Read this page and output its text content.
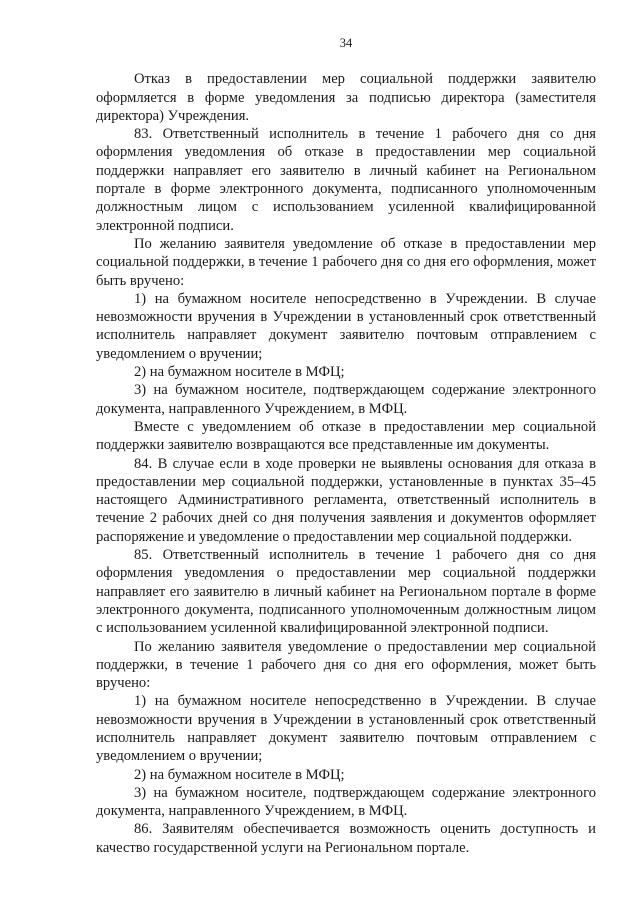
34

Отказ в предоставлении мер социальной поддержки заявителю оформляется в форме уведомления за подписью директора (заместителя директора) Учреждения.

83. Ответственный исполнитель в течение 1 рабочего дня со дня оформления уведомления об отказе в предоставлении мер социальной поддержки направляет его заявителю в личный кабинет на Региональном портале в форме электронного документа, подписанного уполномоченным должностным лицом с использованием усиленной квалифицированной электронной подписи.

По желанию заявителя уведомление об отказе в предоставлении мер социальной поддержки, в течение 1 рабочего дня со дня его оформления, может быть вручено:

1) на бумажном носителе непосредственно в Учреждении. В случае невозможности вручения в Учреждении в установленный срок ответственный исполнитель направляет документ заявителю почтовым отправлением с уведомлением о вручении;

2) на бумажном носителе в МФЦ;

3) на бумажном носителе, подтверждающем содержание электронного документа, направленного Учреждением, в МФЦ.

Вместе с уведомлением об отказе в предоставлении мер социальной поддержки заявителю возвращаются все представленные им документы.

84. В случае если в ходе проверки не выявлены основания для отказа в предоставлении мер социальной поддержки, установленные в пунктах 35–45 настоящего Административного регламента, ответственный исполнитель в течение 2 рабочих дней со дня получения заявления и документов оформляет распоряжение и уведомление о предоставлении мер социальной поддержки.

85. Ответственный исполнитель в течение 1 рабочего дня со дня оформления уведомления о предоставлении мер социальной поддержки направляет его заявителю в личный кабинет на Региональном портале в форме электронного документа, подписанного уполномоченным должностным лицом с использованием усиленной квалифицированной электронной подписи.

По желанию заявителя уведомление о предоставлении мер социальной поддержки, в течение 1 рабочего дня со дня его оформления, может быть вручено:

1) на бумажном носителе непосредственно в Учреждении. В случае невозможности вручения в Учреждении в установленный срок ответственный исполнитель направляет документ заявителю почтовым отправлением с уведомлением о вручении;

2) на бумажном носителе в МФЦ;

3) на бумажном носителе, подтверждающем содержание электронного документа, направленного Учреждением, в МФЦ.

86. Заявителям обеспечивается возможность оценить доступность и качество государственной услуги на Региональном портале.
